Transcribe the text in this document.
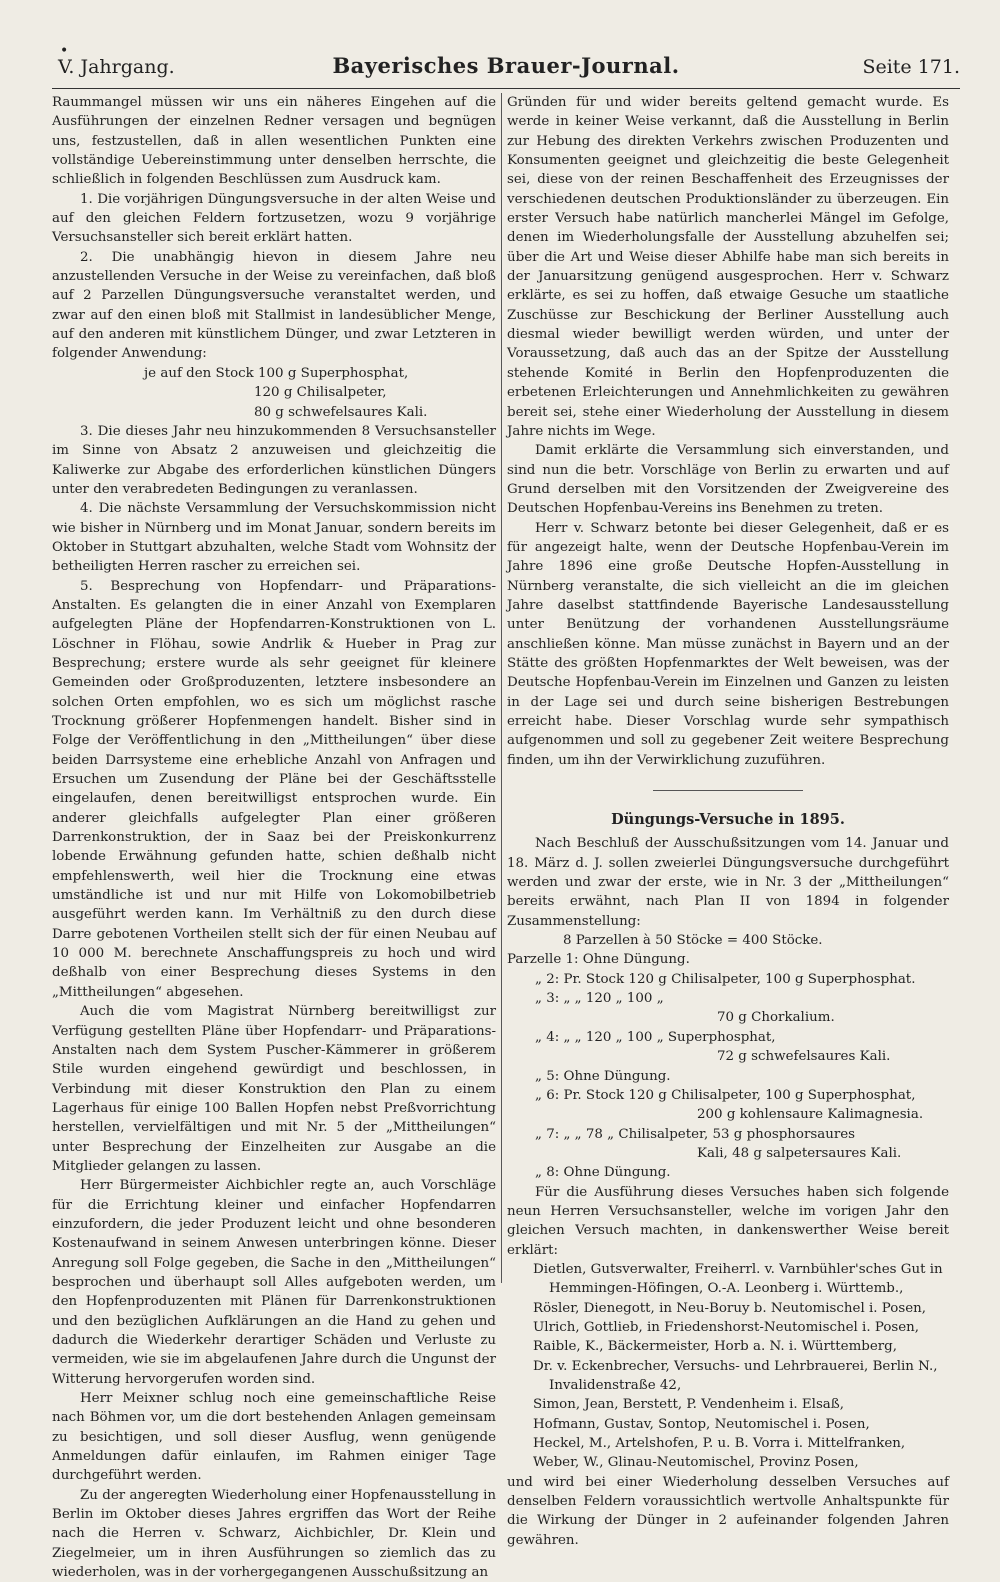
•
V. Jahrgang.	Bayerisches Brauer-Journal.	Seite 171.

Raummangel müssen wir uns ein näheres Eingehen auf die Ausführungen der einzelnen Redner versagen und begnügen uns, festzustellen, daß in allen wesentlichen Punkten eine vollständige Uebereinstimmung unter denselben herrschte, die schließlich in folgenden Beschlüssen zum Ausdruck kam.

1. Die vorjährigen Düngungsversuche in der alten Weise und auf den gleichen Feldern fortzusetzen, wozu 9 vorjährige Versuchsansteller sich bereit erklärt hatten.

2. Die unabhängig hievon in diesem Jahre neu anzustellenden Versuche in der Weise zu vereinfachen, daß bloß auf 2 Parzellen Düngungsversuche veranstaltet werden, und zwar auf den einen bloß mit Stallmist in landesüblicher Menge, auf den anderen mit künstlichem Dünger, und zwar Letzteren in folgender Anwendung:

je auf den Stock 100 g Superphosphat,
120 g Chilisalpeter,
80 g schwefelsaures Kali.

3. Die dieses Jahr neu hinzukommenden 8 Versuchsansteller im Sinne von Absatz 2 anzuweisen und gleichzeitig die Kaliwerke zur Abgabe des erforderlichen künstlichen Düngers unter den verabredeten Bedingungen zu veranlassen.

4. Die nächste Versammlung der Versuchskommission nicht wie bisher in Nürnberg und im Monat Januar, sondern bereits im Oktober in Stuttgart abzuhalten, welche Stadt vom Wohnsitz der betheiligten Herren rascher zu erreichen sei.

5. Besprechung von Hopfendarr- und Präparations-Anstalten. Es gelangten die in einer Anzahl von Exemplaren aufgelegten Pläne der Hopfendarren-Konstruktionen von L. Löschner in Flöhau, sowie Andrlik & Hueber in Prag zur Besprechung; erstere wurde als sehr geeignet für kleinere Gemeinden oder Großproduzenten, letztere insbesondere an solchen Orten empfohlen, wo es sich um möglichst rasche Trocknung größerer Hopfenmengen handelt. Bisher sind in Folge der Veröffentlichung in den „Mittheilungen“ über diese beiden Darrsysteme eine erhebliche Anzahl von Anfragen und Ersuchen um Zusendung der Pläne bei der Geschäftsstelle eingelaufen, denen bereitwilligst entsprochen wurde. Ein anderer gleichfalls aufgelegter Plan einer größeren Darrenkonstruktion, der in Saaz bei der Preiskonkurrenz lobende Erwähnung gefunden hatte, schien deßhalb nicht empfehlenswerth, weil hier die Trocknung eine etwas umständliche ist und nur mit Hilfe von Lokomobilbetrieb ausgeführt werden kann. Im Verhältniß zu den durch diese Darre gebotenen Vortheilen stellt sich der für einen Neubau auf 10 000 M. berechnete Anschaffungspreis zu hoch und wird deßhalb von einer Besprechung dieses Systems in den „Mittheilungen“ abgesehen.

Auch die vom Magistrat Nürnberg bereitwilligst zur Verfügung gestellten Pläne über Hopfendarr- und Präparations-Anstalten nach dem System Puscher-Kämmerer in größerem Stile wurden eingehend gewürdigt und beschlossen, in Verbindung mit dieser Konstruktion den Plan zu einem Lagerhaus für einige 100 Ballen Hopfen nebst Preßvorrichtung herstellen, vervielfältigen und mit Nr. 5 der „Mittheilungen“ unter Besprechung der Einzelheiten zur Ausgabe an die Mitglieder gelangen zu lassen.

Herr Bürgermeister Aichbichler regte an, auch Vorschläge für die Errichtung kleiner und einfacher Hopfendarren einzufordern, die jeder Produzent leicht und ohne besonderen Kostenaufwand in seinem Anwesen unterbringen könne. Dieser Anregung soll Folge gegeben, die Sache in den „Mittheilungen“ besprochen und überhaupt soll Alles aufgeboten werden, um den Hopfenproduzenten mit Plänen für Darrenkonstruktionen und den bezüglichen Aufklärungen an die Hand zu gehen und dadurch die Wiederkehr derartiger Schäden und Verluste zu vermeiden, wie sie im abgelaufenen Jahre durch die Ungunst der Witterung hervorgerufen worden sind.

Herr Meixner schlug noch eine gemeinschaftliche Reise nach Böhmen vor, um die dort bestehenden Anlagen gemeinsam zu besichtigen, und soll dieser Ausflug, wenn genügende Anmeldungen dafür einlaufen, im Rahmen einiger Tage durchgeführt werden.

Zu der angeregten Wiederholung einer Hopfenausstellung in Berlin im Oktober dieses Jahres ergriffen das Wort der Reihe nach die Herren v. Schwarz, Aichbichler, Dr. Klein und Ziegelmeier, um in ihren Ausführungen so ziemlich das zu wiederholen, was in der vorhergegangenen Ausschußsitzung an

Gründen für und wider bereits geltend gemacht wurde. Es werde in keiner Weise verkannt, daß die Ausstellung in Berlin zur Hebung des direkten Verkehrs zwischen Produzenten und Konsumenten geeignet und gleichzeitig die beste Gelegenheit sei, diese von der reinen Beschaffenheit des Erzeugnisses der verschiedenen deutschen Produktionsländer zu überzeugen. Ein erster Versuch habe natürlich mancherlei Mängel im Gefolge, denen im Wiederholungsfalle der Ausstellung abzuhelfen sei; über die Art und Weise dieser Abhilfe habe man sich bereits in der Januarsitzung genügend ausgesprochen. Herr v. Schwarz erklärte, es sei zu hoffen, daß etwaige Gesuche um staatliche Zuschüsse zur Beschickung der Berliner Ausstellung auch diesmal wieder bewilligt werden würden, und unter der Voraussetzung, daß auch das an der Spitze der Ausstellung stehende Komité in Berlin den Hopfenproduzenten die erbetenen Erleichterungen und Annehmlichkeiten zu gewähren bereit sei, stehe einer Wiederholung der Ausstellung in diesem Jahre nichts im Wege.

Damit erklärte die Versammlung sich einverstanden, und sind nun die betr. Vorschläge von Berlin zu erwarten und auf Grund derselben mit den Vorsitzenden der Zweigvereine des Deutschen Hopfenbau-Vereins ins Benehmen zu treten.

Herr v. Schwarz betonte bei dieser Gelegenheit, daß er es für angezeigt halte, wenn der Deutsche Hopfenbau-Verein im Jahre 1896 eine große Deutsche Hopfen-Ausstellung in Nürnberg veranstalte, die sich vielleicht an die im gleichen Jahre daselbst stattfindende Bayerische Landesausstellung unter Benützung der vorhandenen Ausstellungsräume anschließen könne. Man müsse zunächst in Bayern und an der Stätte des größten Hopfenmarktes der Welt beweisen, was der Deutsche Hopfenbau-Verein im Einzelnen und Ganzen zu leisten in der Lage sei und durch seine bisherigen Bestrebungen erreicht habe. Dieser Vorschlag wurde sehr sympathisch aufgenommen und soll zu gegebener Zeit weitere Besprechung finden, um ihn der Verwirklichung zuzuführen.

Düngungs-Versuche in 1895.

Nach Beschluß der Ausschußsitzungen vom 14. Januar und 18. März d. J. sollen zweierlei Düngungsversuche durchgeführt werden und zwar der erste, wie in Nr. 3 der „Mittheilungen“ bereits erwähnt, nach Plan II von 1894 in folgender Zusammenstellung:

8 Parzellen à 50 Stöcke = 400 Stöcke.
Parzelle 1: Ohne Düngung.
„ 2: Pr. Stock 120 g Chilisalpeter, 100 g Superphosphat.
„ 3: „ „ 120 „ 100 „
70 g Chorkalium.
„ 4: „ „ 120 „ 100 „ Superphosphat,
72 g schwefelsaures Kali.
„ 5: Ohne Düngung.
„ 6: Pr. Stock 120 g Chilisalpeter, 100 g Superphosphat,
200 g kohlensaure Kalimagnesia.
„ 7: „ „ 78 „ Chilisalpeter, 53 g phosphorsaures
Kali, 48 g salpetersaures Kali.
„ 8: Ohne Düngung.

Für die Ausführung dieses Versuches haben sich folgende neun Herren Versuchsansteller, welche im vorigen Jahr den gleichen Versuch machten, in dankenswerther Weise bereit erklärt:

Dietlen, Gutsverwalter, Freiherrl. v. Varnbühler'sches Gut in Hemmingen-Höfingen, O.-A. Leonberg i. Württemb.,
Rösler, Dienegott, in Neu-Boruy b. Neutomischel i. Posen,
Ulrich, Gottlieb, in Friedenshorst-Neutomischel i. Posen,
Raible, K., Bäckermeister, Horb a. N. i. Württemberg,
Dr. v. Eckenbrecher, Versuchs- und Lehrbrauerei, Berlin N., Invalidenstraße 42,
Simon, Jean, Berstett, P. Vendenheim i. Elsaß,
Hofmann, Gustav, Sontop, Neutomischel i. Posen,
Heckel, M., Artelshofen, P. u. B. Vorra i. Mittelfranken,
Weber, W., Glinau-Neutomischel, Provinz Posen,

und wird bei einer Wiederholung desselben Versuches auf denselben Feldern voraussichtlich wertvolle Anhaltspunkte für die Wirkung der Dünger in 2 aufeinander folgenden Jahren gewähren.
